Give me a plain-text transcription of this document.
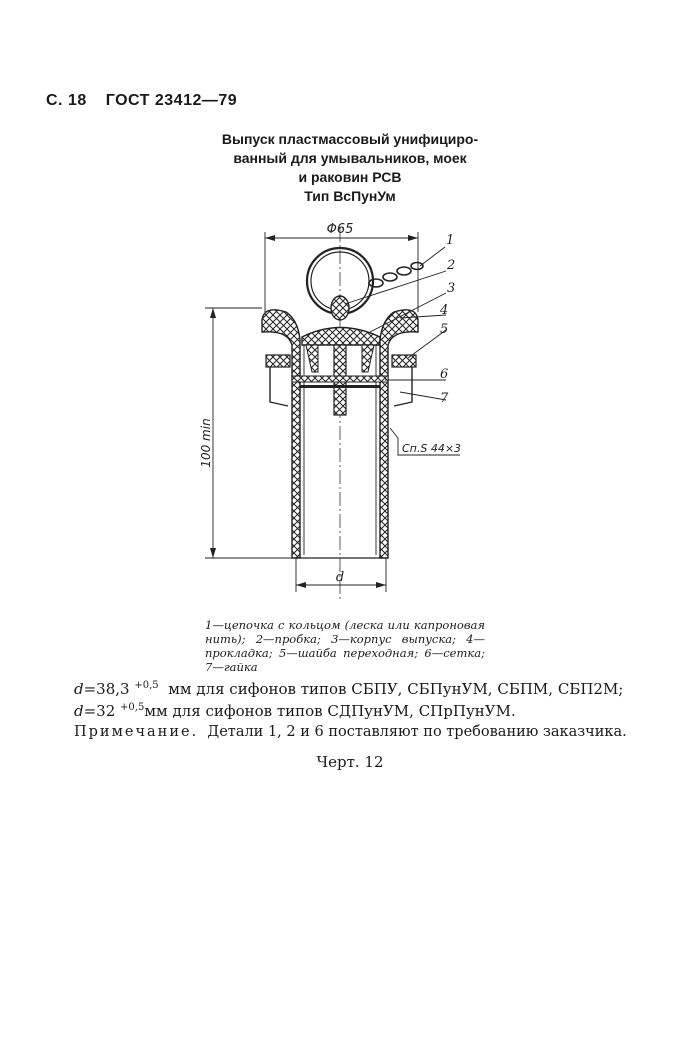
С. 18 ГОСТ 23412—79
Выпуск пластмассовый унифициро-
ванный для умывальников, моек
и раковин РСВ
Тип ВсПунУм
Φ65
100 min
d
Сп.S 44×3
1
2
3
4
5
6
7
1—цепочка с кольцом (леска или капроновая нить); 2—пробка; 3—корпус выпуска; 4—прокладка; 5—шайба переходная; 6—сетка; 7—гайка
d=38,3 $^{+0,5}$ мм для сифонов типов СБПУ, СБПунУМ, СБПМ, СБП2М;
d=32 $^{+0,5}$мм для сифонов типов СДПунУМ, СПрПунУМ.
Примечание. Детали 1, 2 и 6 поставляют по требованию заказчика.
Черт. 12
